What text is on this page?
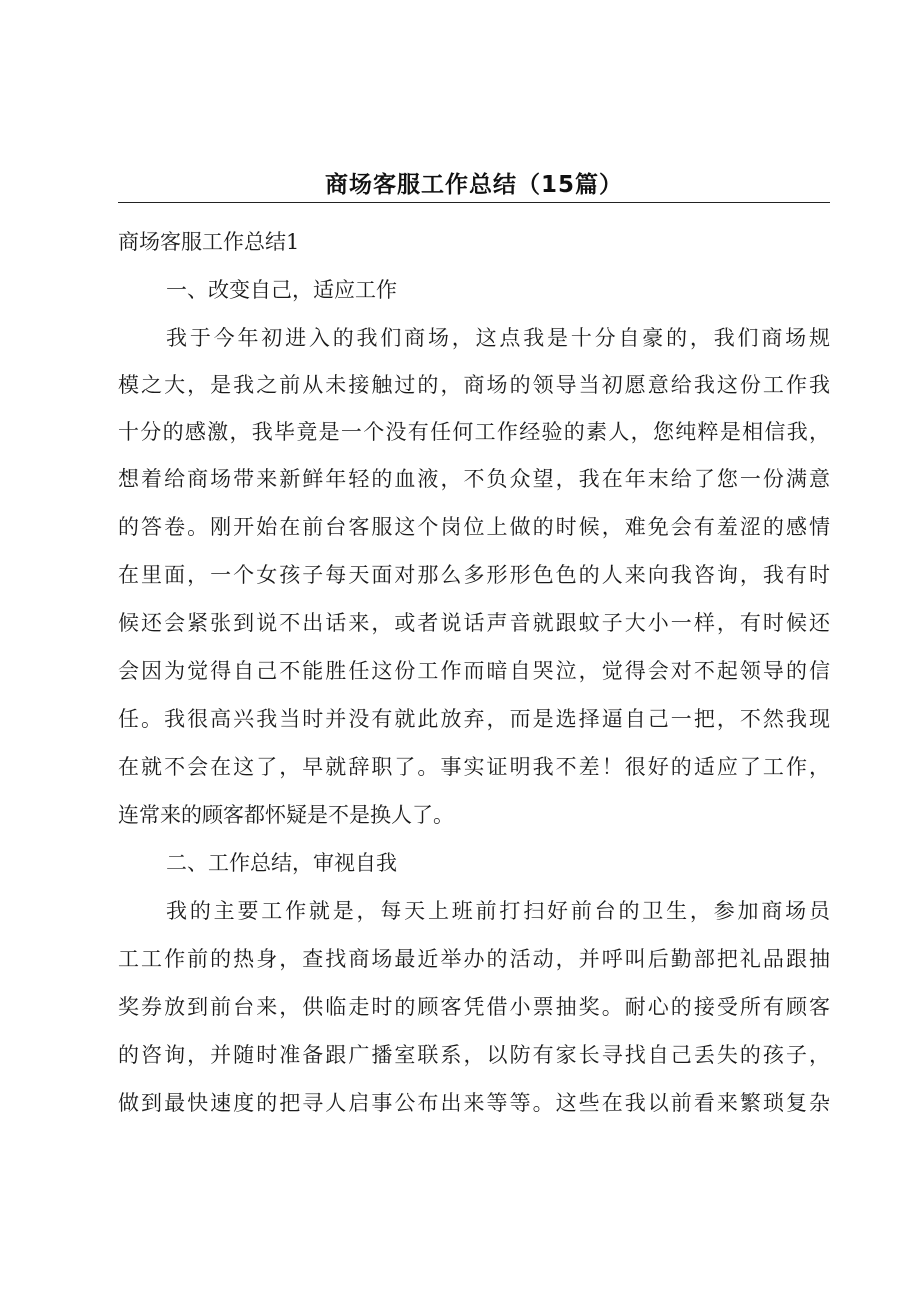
商场客服工作总结（15篇）
商场客服工作总结1
一、改变自己，适应工作
我于今年初进入的我们商场，这点我是十分自豪的，我们商场规
模之大，是我之前从未接触过的，商场的领导当初愿意给我这份工作我
十分的感激，我毕竟是一个没有任何工作经验的素人，您纯粹是相信我，
想着给商场带来新鲜年轻的血液，不负众望，我在年末给了您一份满意
的答卷。刚开始在前台客服这个岗位上做的时候，难免会有羞涩的感情
在里面，一个女孩子每天面对那么多形形色色的人来向我咨询，我有时
候还会紧张到说不出话来，或者说话声音就跟蚊子大小一样，有时候还
会因为觉得自己不能胜任这份工作而暗自哭泣，觉得会对不起领导的信
任。我很高兴我当时并没有就此放弃，而是选择逼自己一把，不然我现
在就不会在这了，早就辞职了。事实证明我不差！很好的适应了工作，
连常来的顾客都怀疑是不是换人了。
二、工作总结，审视自我
我的主要工作就是，每天上班前打扫好前台的卫生，参加商场员
工工作前的热身，查找商场最近举办的活动，并呼叫后勤部把礼品跟抽
奖券放到前台来，供临走时的顾客凭借小票抽奖。耐心的接受所有顾客
的咨询，并随时准备跟广播室联系，以防有家长寻找自己丢失的孩子，
做到最快速度的把寻人启事公布出来等等。这些在我以前看来繁琐复杂
